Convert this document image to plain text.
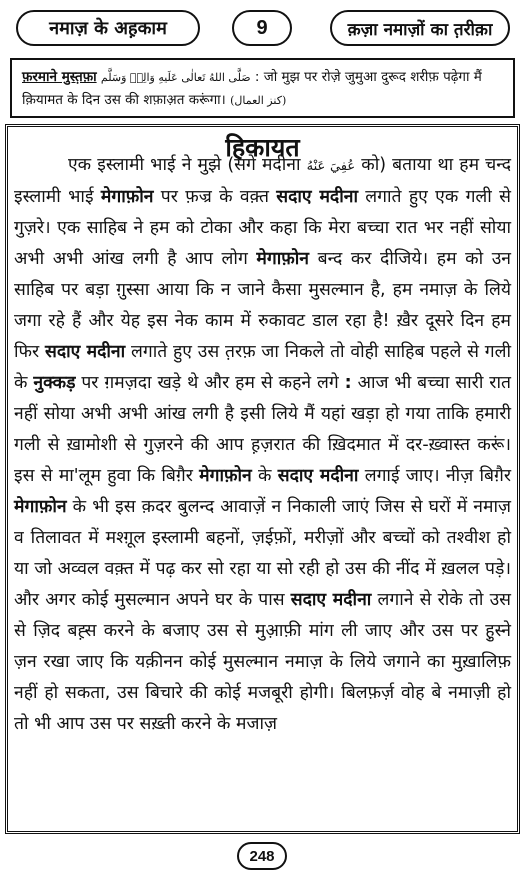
नमाज़ के अह़काम	9	क़ज़ा नमाज़ों का त़रीक़ा
फ़रमाने मुस्त़फ़ा صَلَّى اللهُ تَعالٰی عَلَيهِ وَالِهٖ وَسَلَّم : जो मुझ पर रोज़े जुमुआ दुरूद शरीफ़ पढ़ेगा मैं क़ियामत के दिन उस की शफ़ाअ़त करूंगा। (کنز العمال)
हिकायत

एक इस्लामी भाई ने मुझे (सगे मदीना عُفِيَ عَنْهُ को) बताया था हम चन्द इस्लामी भाई मेगाफ़ोन पर फ़ज्र के वक़्त सदाए मदीना लगाते हुए एक गली से गुज़रे। एक साहिब ने हम को टोका और कहा कि मेरा बच्चा रात भर नहीं सोया अभी अभी आंख लगी है आप लोग मेगाफ़ोन बन्द कर दीजिये। हम को उन साहिब पर बड़ा ग़ुस्सा आया कि न जाने कैसा मुसल्मान है, हम नमाज़ के लिये जगा रहे हैं और येह इस नेक काम में रुकावट डाल रहा है! ख़ैर दूसरे दिन हम फिर सदाए मदीना लगाते हुए उस त़रफ़ जा निकले तो वोही साहिब पहले से गली के नुक्कड़ पर ग़मज़दा खड़े थे और हम से कहने लगे : आज भी बच्चा सारी रात नहीं सोया अभी अभी आंख लगी है इसी लिये मैं यहां खड़ा हो गया ताकि हमारी गली से ख़ामोशी से गुज़रने की आप ह़ज़रात की ख़िदमात में दर-ख़्वास्त करूं। इस से मा'लूम हुवा कि बिग़ैर मेगाफ़ोन के सदाए मदीना लगाई जाए। नीज़ बिग़ैर मेगाफ़ोन के भी इस क़दर बुलन्द आवाज़ें न निकाली जाएं जिस से घरों में नमाज़ व तिलावत में मश्ग़ूल इस्लामी बहनों, ज़ईफ़ों, मरीज़ों और बच्चों को तश्वीश हो या जो अव्वल वक़्त में पढ़ कर सो रहा या सो रही हो उस की नींद में ख़लल पड़े। और अगर कोई मुसल्मान अपने घर के पास सदाए मदीना लगाने से रोके तो उस से ज़िद बह़्स करने के बजाए उस से मुआ़फ़ी मांग ली जाए और उस पर हु़स्ने ज़न रखा जाए कि यक़ीनन कोई मुसल्मान नमाज़ के लिये जगाने का मुख़ालिफ़ नहीं हो सकता, उस बिचारे की कोई मजबूरी होगी। बिलफ़र्ज़ वोह बे नमाज़ी हो तो भी आप उस पर सख़्ती करने के मजाज़

248
